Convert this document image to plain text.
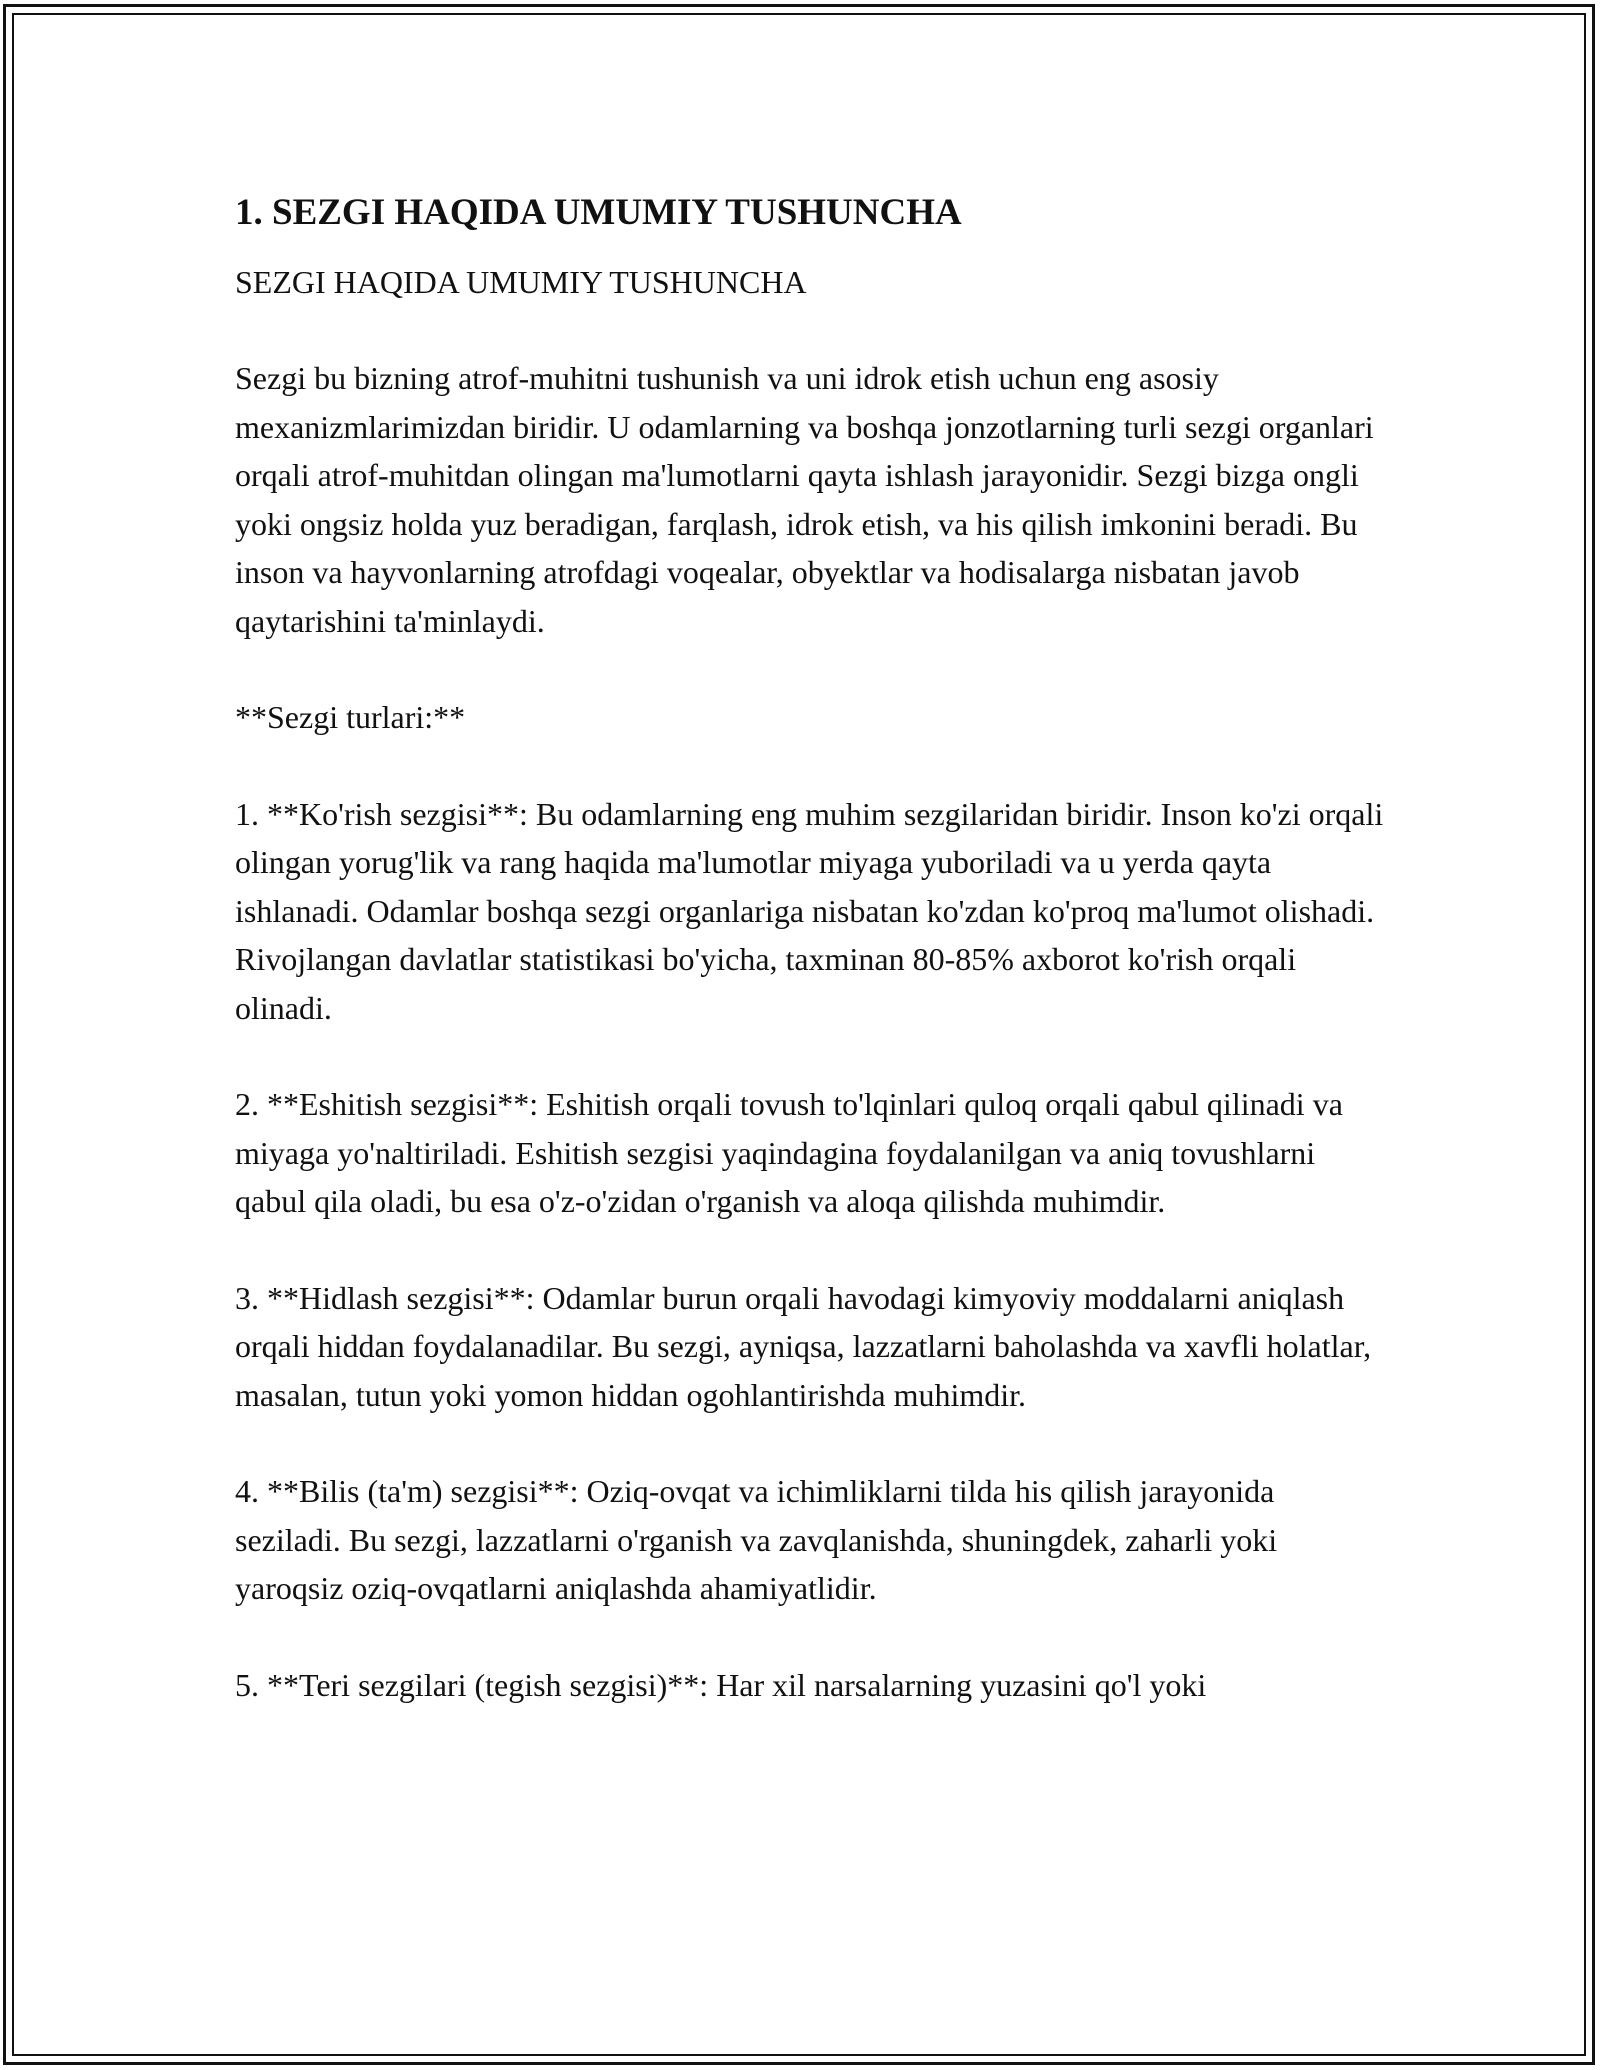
1. SEZGI HAQIDA UMUMIY TUSHUNCHA

SEZGI HAQIDA UMUMIY TUSHUNCHA

Sezgi bu bizning atrof-muhitni tushunish va uni idrok etish uchun eng asosiy mexanizmlarimizdan biridir. U odamlarning va boshqa jonzotlarning turli sezgi organlari orqali atrof-muhitdan olingan ma'lumotlarni qayta ishlash jarayonidir. Sezgi bizga ongli yoki ongsiz holda yuz beradigan, farqlash, idrok etish, va his qilish imkonini beradi. Bu inson va hayvonlarning atrofdagi voqealar, obyektlar va hodisalarga nisbatan javob qaytarishini ta'minlaydi.

**Sezgi turlari:**

1. **Ko'rish sezgisi**: Bu odamlarning eng muhim sezgilaridan biridir. Inson ko'zi orqali olingan yorug'lik va rang haqida ma'lumotlar miyaga yuboriladi va u yerda qayta ishlanadi. Odamlar boshqa sezgi organlariga nisbatan ko'zdan ko'proq ma'lumot olishadi. Rivojlangan davlatlar statistikasi bo'yicha, taxminan 80-85% axborot ko'rish orqali olinadi.

2. **Eshitish sezgisi**: Eshitish orqali tovush to'lqinlari quloq orqali qabul qilinadi va miyaga yo'naltiriladi. Eshitish sezgisi yaqindagina foydalanilgan va aniq tovushlarni qabul qila oladi, bu esa o'z-o'zidan o'rganish va aloqa qilishda muhimdir.

3. **Hidlash sezgisi**: Odamlar burun orqali havodagi kimyoviy moddalarni aniqlash orqali hiddan foydalanadilar. Bu sezgi, ayniqsa, lazzatlarni baholashda va xavfli holatlar, masalan, tutun yoki yomon hiddan ogohlantirishda muhimdir.

4. **Bilis (ta'm) sezgisi**: Oziq-ovqat va ichimliklarni tilda his qilish jarayonida seziladi. Bu sezgi, lazzatlarni o'rganish va zavqlanishda, shuningdek, zaharli yoki yaroqsiz oziq-ovqatlarni aniqlashda ahamiyatlidir.

5. **Teri sezgilari (tegish sezgisi)**: Har xil narsalarning yuzasini qo'l yoki
